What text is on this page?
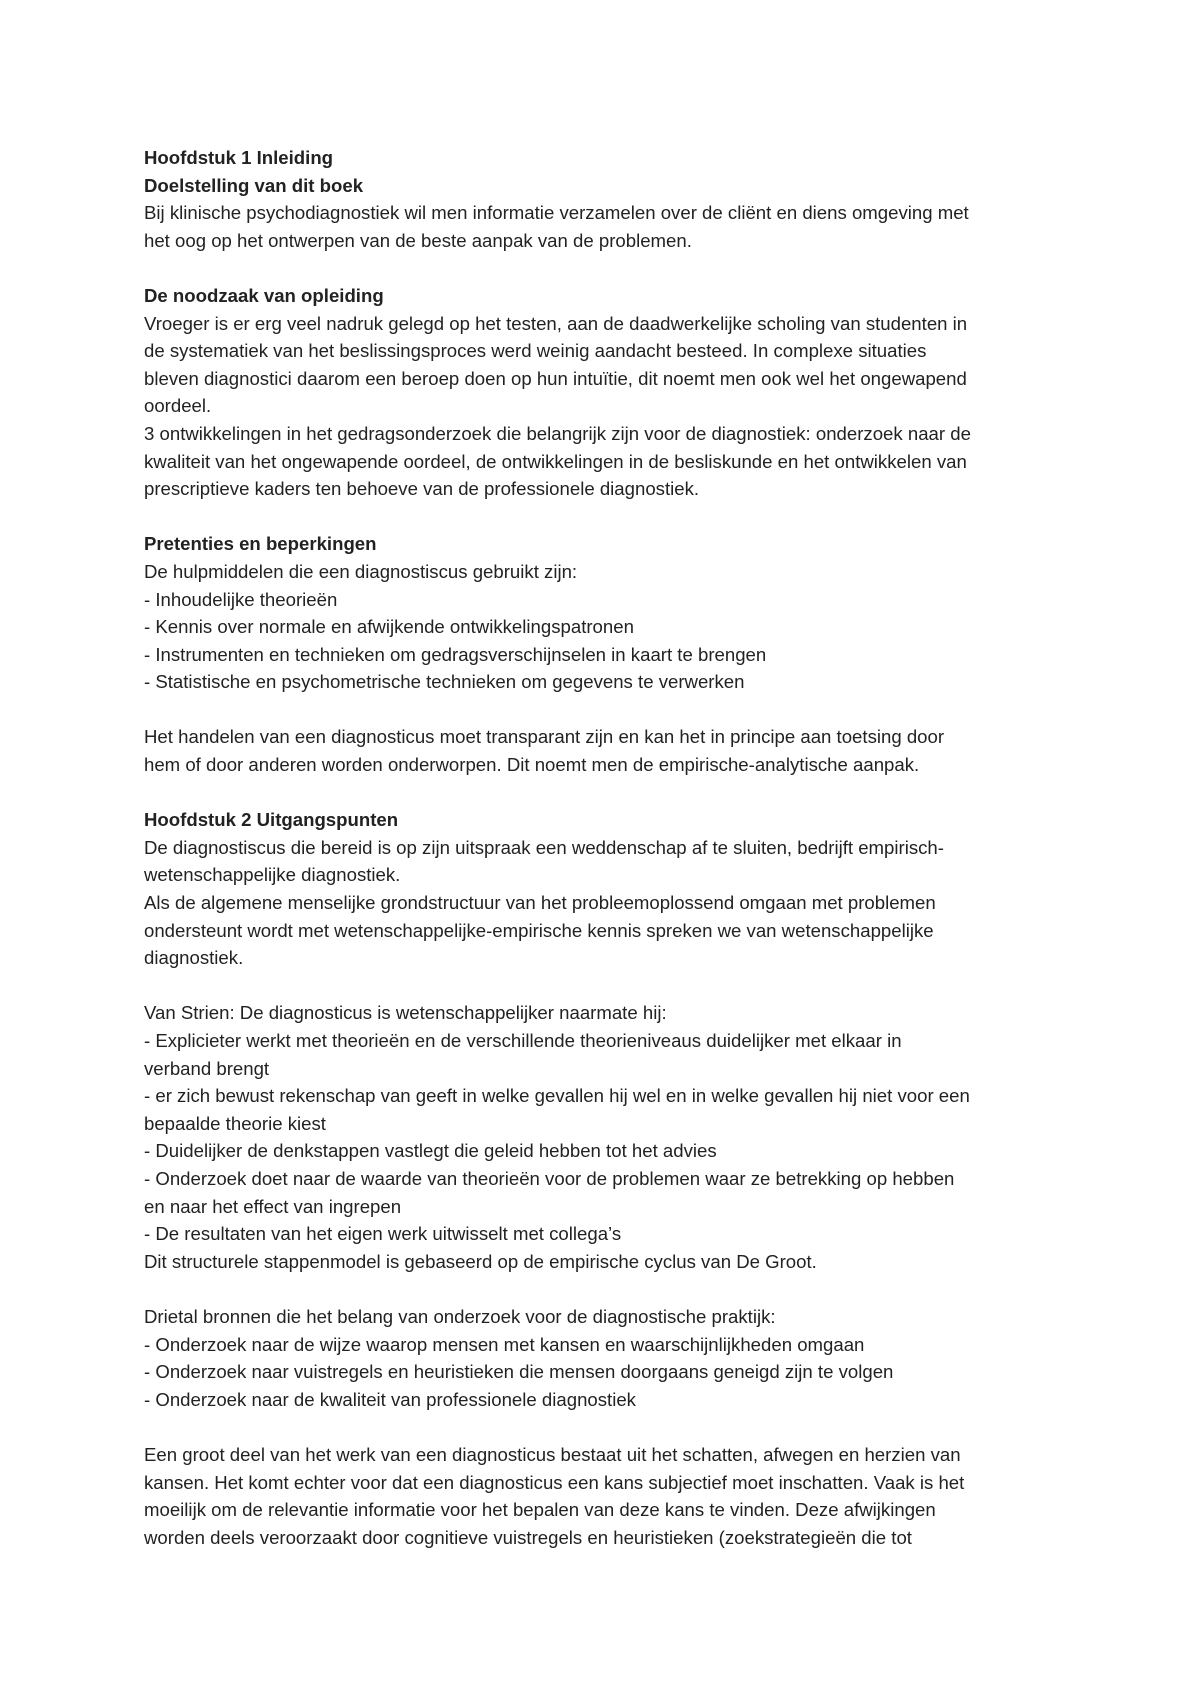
Hoofdstuk 1 Inleiding
Doelstelling van dit boek
Bij klinische psychodiagnostiek wil men informatie verzamelen over de cliënt en diens omgeving met
het oog op het ontwerpen van de beste aanpak van de problemen.
De noodzaak van opleiding
Vroeger is er erg veel nadruk gelegd op het testen, aan de daadwerkelijke scholing van studenten in
de systematiek van het beslissingsproces werd weinig aandacht besteed. In complexe situaties
bleven diagnostici daarom een beroep doen op hun intuïtie, dit noemt men ook wel het ongewapend
oordeel.
3 ontwikkelingen in het gedragsonderzoek die belangrijk zijn voor de diagnostiek: onderzoek naar de
kwaliteit van het ongewapende oordeel, de ontwikkelingen in de besliskunde en het ontwikkelen van
prescriptieve kaders ten behoeve van de professionele diagnostiek.
Pretenties en beperkingen
De hulpmiddelen die een diagnostiscus gebruikt zijn:
- Inhoudelijke theorieën
- Kennis over normale en afwijkende ontwikkelingspatronen
- Instrumenten en technieken om gedragsverschijnselen in kaart te brengen
- Statistische en psychometrische technieken om gegevens te verwerken
Het handelen van een diagnosticus moet transparant zijn en kan het in principe aan toetsing door
hem of door anderen worden onderworpen. Dit noemt men de empirische-analytische aanpak.
Hoofdstuk 2 Uitgangspunten
De diagnostiscus die bereid is op zijn uitspraak een weddenschap af te sluiten, bedrijft empirisch-
wetenschappelijke diagnostiek.
Als de algemene menselijke grondstructuur van het probleemoplossend omgaan met problemen
ondersteunt wordt met wetenschappelijke-empirische kennis spreken we van wetenschappelijke
diagnostiek.
Van Strien: De diagnosticus is wetenschappelijker naarmate hij:
- Explicieter werkt met theorieën en de verschillende theorieniveaus duidelijker met elkaar in
verband brengt
- er zich bewust rekenschap van geeft in welke gevallen hij wel en in welke gevallen hij niet voor een
bepaalde theorie kiest
- Duidelijker de denkstappen vastlegt die geleid hebben tot het advies
- Onderzoek doet naar de waarde van theorieën voor de problemen waar ze betrekking op hebben
en naar het effect van ingrepen
- De resultaten van het eigen werk uitwisselt met collega’s
Dit structurele stappenmodel is gebaseerd op de empirische cyclus van De Groot.
Drietal bronnen die het belang van onderzoek voor de diagnostische praktijk:
- Onderzoek naar de wijze waarop mensen met kansen en waarschijnlijkheden omgaan
- Onderzoek naar vuistregels en heuristieken die mensen doorgaans geneigd zijn te volgen
- Onderzoek naar de kwaliteit van professionele diagnostiek
Een groot deel van het werk van een diagnosticus bestaat uit het schatten, afwegen en herzien van
kansen. Het komt echter voor dat een diagnosticus een kans subjectief moet inschatten. Vaak is het
moeilijk om de relevantie informatie voor het bepalen van deze kans te vinden. Deze afwijkingen
worden deels veroorzaakt door cognitieve vuistregels en heuristieken (zoekstrategieën die tot
